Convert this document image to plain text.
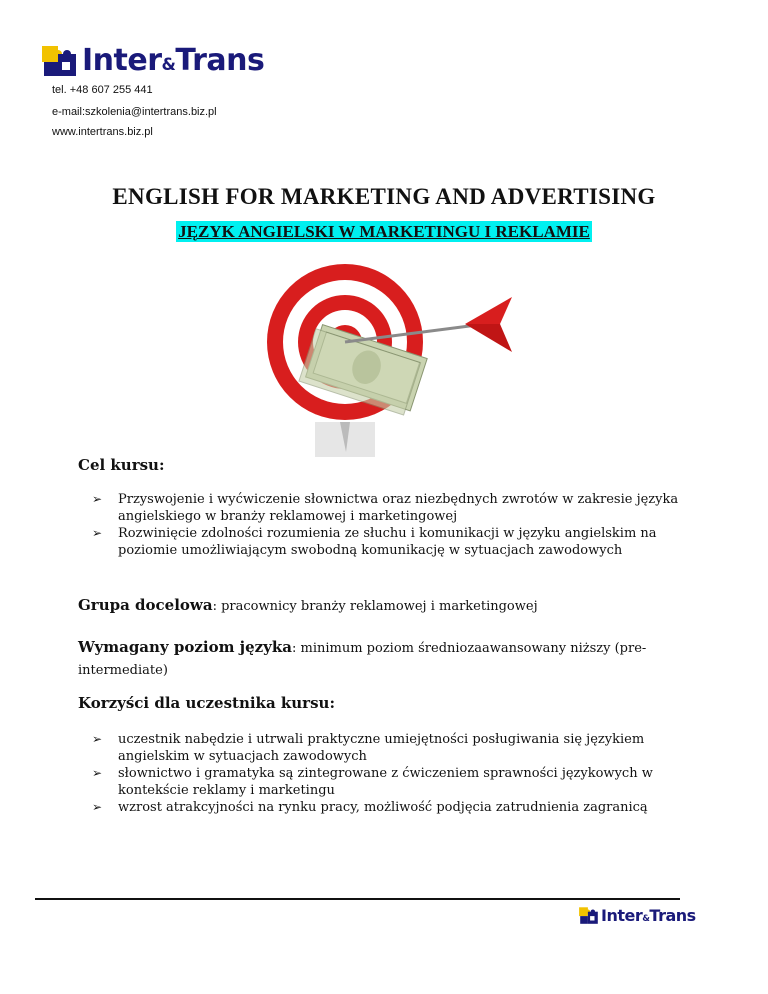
Inter&Trans
tel. +48 607 255 441
e-mail:szkolenia@intertrans.biz.pl
www.intertrans.biz.pl
ENGLISH FOR MARKETING AND ADVERTISING
JĘZYK ANGIELSKI W MARKETINGU I REKLAMIE
Cel kursu:
➢ Przyswojenie i wyćwiczenie słownictwa oraz niezbędnych zwrotów w zakresie języka angielskiego w branży reklamowej i marketingowej
➢ Rozwinięcie zdolności rozumienia ze słuchu i komunikacji w języku angielskim na poziomie umożliwiającym swobodną komunikację w sytuacjach zawodowych
Grupa docelowa: pracownicy branży reklamowej i marketingowej
Wymagany poziom języka: minimum poziom średniozaawansowany niższy (pre-intermediate)
Korzyści dla uczestnika kursu:
➢ uczestnik nabędzie i utrwali praktyczne umiejętności posługiwania się językiem angielskim w sytuacjach zawodowych
➢ słownictwo i gramatyka są zintegrowane z ćwiczeniem sprawności językowych w kontekście reklamy i marketingu
➢ wzrost atrakcyjności na rynku pracy, możliwość podjęcia zatrudnienia zagranicą
Inter&Trans
